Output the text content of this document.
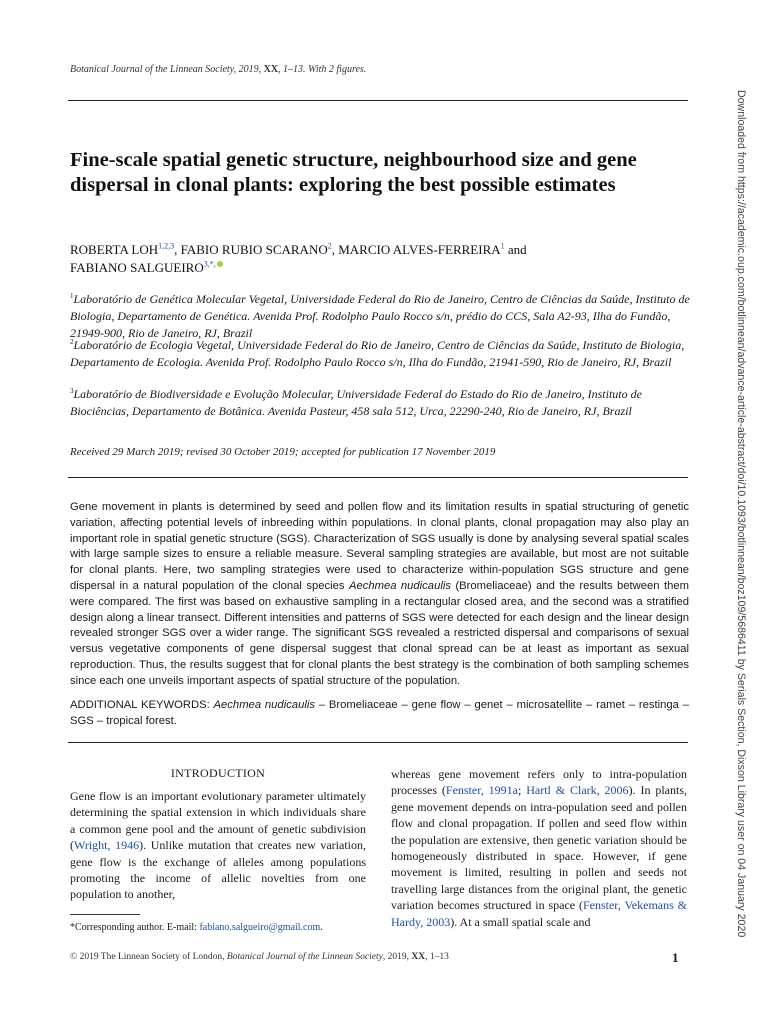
Botanical Journal of the Linnean Society, 2019, XX, 1–13. With 2 figures.
Fine-scale spatial genetic structure, neighbourhood size and gene dispersal in clonal plants: exploring the best possible estimates
ROBERTA LOH$^{1,2,3}$, FABIO RUBIO SCARANO$^2$, MARCIO ALVES-FERREIRA$^1$ and
FABIANO $SALGUEIRO^{3,*,}$
$^1$Laboratório de Genética Molecular Vegetal, Universidade Federal do Rio de Janeiro, Centro de Ciências da Saúde, Instituto de Biologia, Departamento de Genética. Avenida Prof. Rodolpho Paulo Rocco s/n, prédio do CCS, Sala A2-93, Ilha do Fundão, 21949-900, Rio de Janeiro, RJ, Brazil
$^2$Laboratório de Ecologia Vegetal, Universidade Federal do Rio de Janeiro, Centro de Ciências da Saúde, Instituto de Biologia, Departamento de Ecologia. Avenida Prof. Rodolpho Paulo Rocco s/n, Ilha do Fundão, 21941-590, Rio de Janeiro, RJ, Brazil
$^3$Laboratório de Biodiversidade e Evolução Molecular, Universidade Federal do Estado do Rio de Janeiro, Instituto de Biociências, Departamento de Botânica. Avenida Pasteur, 458 sala 512, Urca, 22290-240, Rio de Janeiro, RJ, Brazil
Received 29 March 2019; revised 30 October 2019; accepted for publication 17 November 2019
Gene movement in plants is determined by seed and pollen flow and its limitation results in spatial structuring of genetic variation, affecting potential levels of inbreeding within populations. In clonal plants, clonal propagation may also play an important role in spatial genetic structure (SGS). Characterization of SGS usually is done by analysing several spatial scales with large sample sizes to ensure a reliable measure. Several sampling strategies are available, but most are not suitable for clonal plants. Here, two sampling strategies were used to characterize within-population SGS structure and gene dispersal in a natural population of the clonal species Aechmea nudicaulis (Bromeliaceae) and the results between them were compared. The first was based on exhaustive sampling in a rectangular closed area, and the second was a stratified design along a linear transect. Different intensities and patterns of SGS were detected for each design and the linear design revealed stronger SGS over a wider range. The significant SGS revealed a restricted dispersal and comparisons of sexual versus vegetative components of gene dispersal suggest that clonal spread can be at least as important as sexual reproduction. Thus, the results suggest that for clonal plants the best strategy is the combination of both sampling schemes since each one unveils important aspects of spatial structure of the population.
ADDITIONAL KEYWORDS: Aechmea nudicaulis – Bromeliaceae – gene flow – genet – microsatellite – ramet – restinga – SGS – tropical forest.
INTRODUCTION
Gene flow is an important evolutionary parameter ultimately determining the spatial extension in which individuals share a common gene pool and the amount of genetic subdivision (Wright, 1946). Unlike mutation that creates new variation, gene flow is the exchange of alleles among populations promoting the income of allelic novelties from one population to another,
whereas gene movement refers only to intra-population processes (Fenster, 1991a; Hartl & Clark, 2006). In plants, gene movement depends on intra-population seed and pollen flow and clonal propagation. If pollen and seed flow within the population are extensive, then genetic variation should be homogeneously distributed in space. However, if gene movement is limited, resulting in pollen and seeds not travelling large distances from the original plant, the genetic variation becomes structured in space (Fenster, Vekemans & Hardy, 2003). At a small spatial scale and
*Corresponding author. E-mail: fabiano.salgueiro@gmail.com.
© 2019 The Linnean Society of London, Botanical Journal of the Linnean Society, 2019, XX, 1–13	1
Downloaded from https://academic.oup.com/botlinnean/advance-article-abstract/doi/10.1093/botlinnean/boz109/5686411 by Serials Section, Dixson Library user on 04 January 2020
